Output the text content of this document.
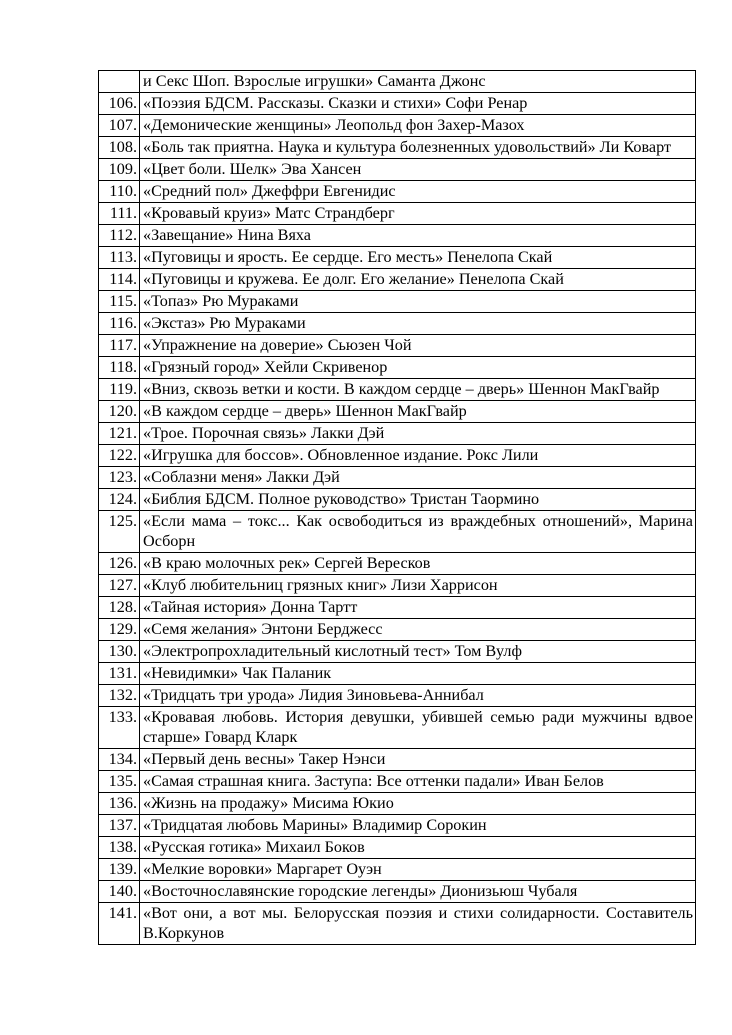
	и Секс Шоп. Взрослые игрушки» Саманта Джонс
106.	«Поэзия БДСМ. Рассказы. Сказки и стихи» Софи Ренар
107.	«Демонические женщины» Леопольд фон Захер-Мазох
108.	«Боль так приятна. Наука и культура болезненных удовольствий» Ли Коварт
109.	«Цвет боли. Шелк» Эва Хансен
110.	«Средний пол» Джеффри Евгенидис
111.	«Кровавый круиз» Матс Страндберг
112.	«Завещание» Нина Вяха
113.	«Пуговицы и ярость. Ее сердце. Его месть» Пенелопа Скай
114.	«Пуговицы и кружева. Ее долг. Его желание» Пенелопа Скай
115.	«Топаз» Рю Мураками
116.	«Экстаз» Рю Мураками
117.	«Упражнение на доверие» Сьюзен Чой
118.	«Грязный город» Хейли Скривенор
119.	«Вниз, сквозь ветки и кости. В каждом сердце – дверь» Шеннон МакГвайр
120.	«В каждом сердце – дверь» Шеннон МакГвайр
121.	«Трое. Порочная связь» Лакки Дэй
122.	«Игрушка для боссов». Обновленное издание. Рокс Лили
123.	«Соблазни меня» Лакки Дэй
124.	«Библия БДСМ. Полное руководство» Тристан Таормино
125.	«Если мама – токс... Как освободиться из враждебных отношений», Марина Осборн
126.	«В краю молочных рек» Сергей Вересков
127.	«Клуб любительниц грязных книг» Лизи Харрисон
128.	«Тайная история» Донна Тартт
129.	«Семя желания» Энтони Берджесс
130.	«Электропрохладительный кислотный тест» Том Вулф
131.	«Невидимки» Чак Паланик
132.	«Тридцать три урода» Лидия Зиновьева-Аннибал
133.	«Кровавая любовь. История девушки, убившей семью ради мужчины вдвое старше» Говард Кларк
134.	«Первый день весны» Такер Нэнси
135.	«Самая страшная книга. Заступа: Все оттенки падали» Иван Белов
136.	«Жизнь на продажу» Мисима Юкио
137.	«Тридцатая любовь Марины» Владимир Сорокин
138.	«Русская готика» Михаил Боков
139.	«Мелкие воровки» Маргарет Оуэн
140.	«Восточнославянские городские легенды» Дионизьюш Чубаля
141.	«Вот они, а вот мы. Белорусская поэзия и стихи солидарности. Составитель В.Коркунов
